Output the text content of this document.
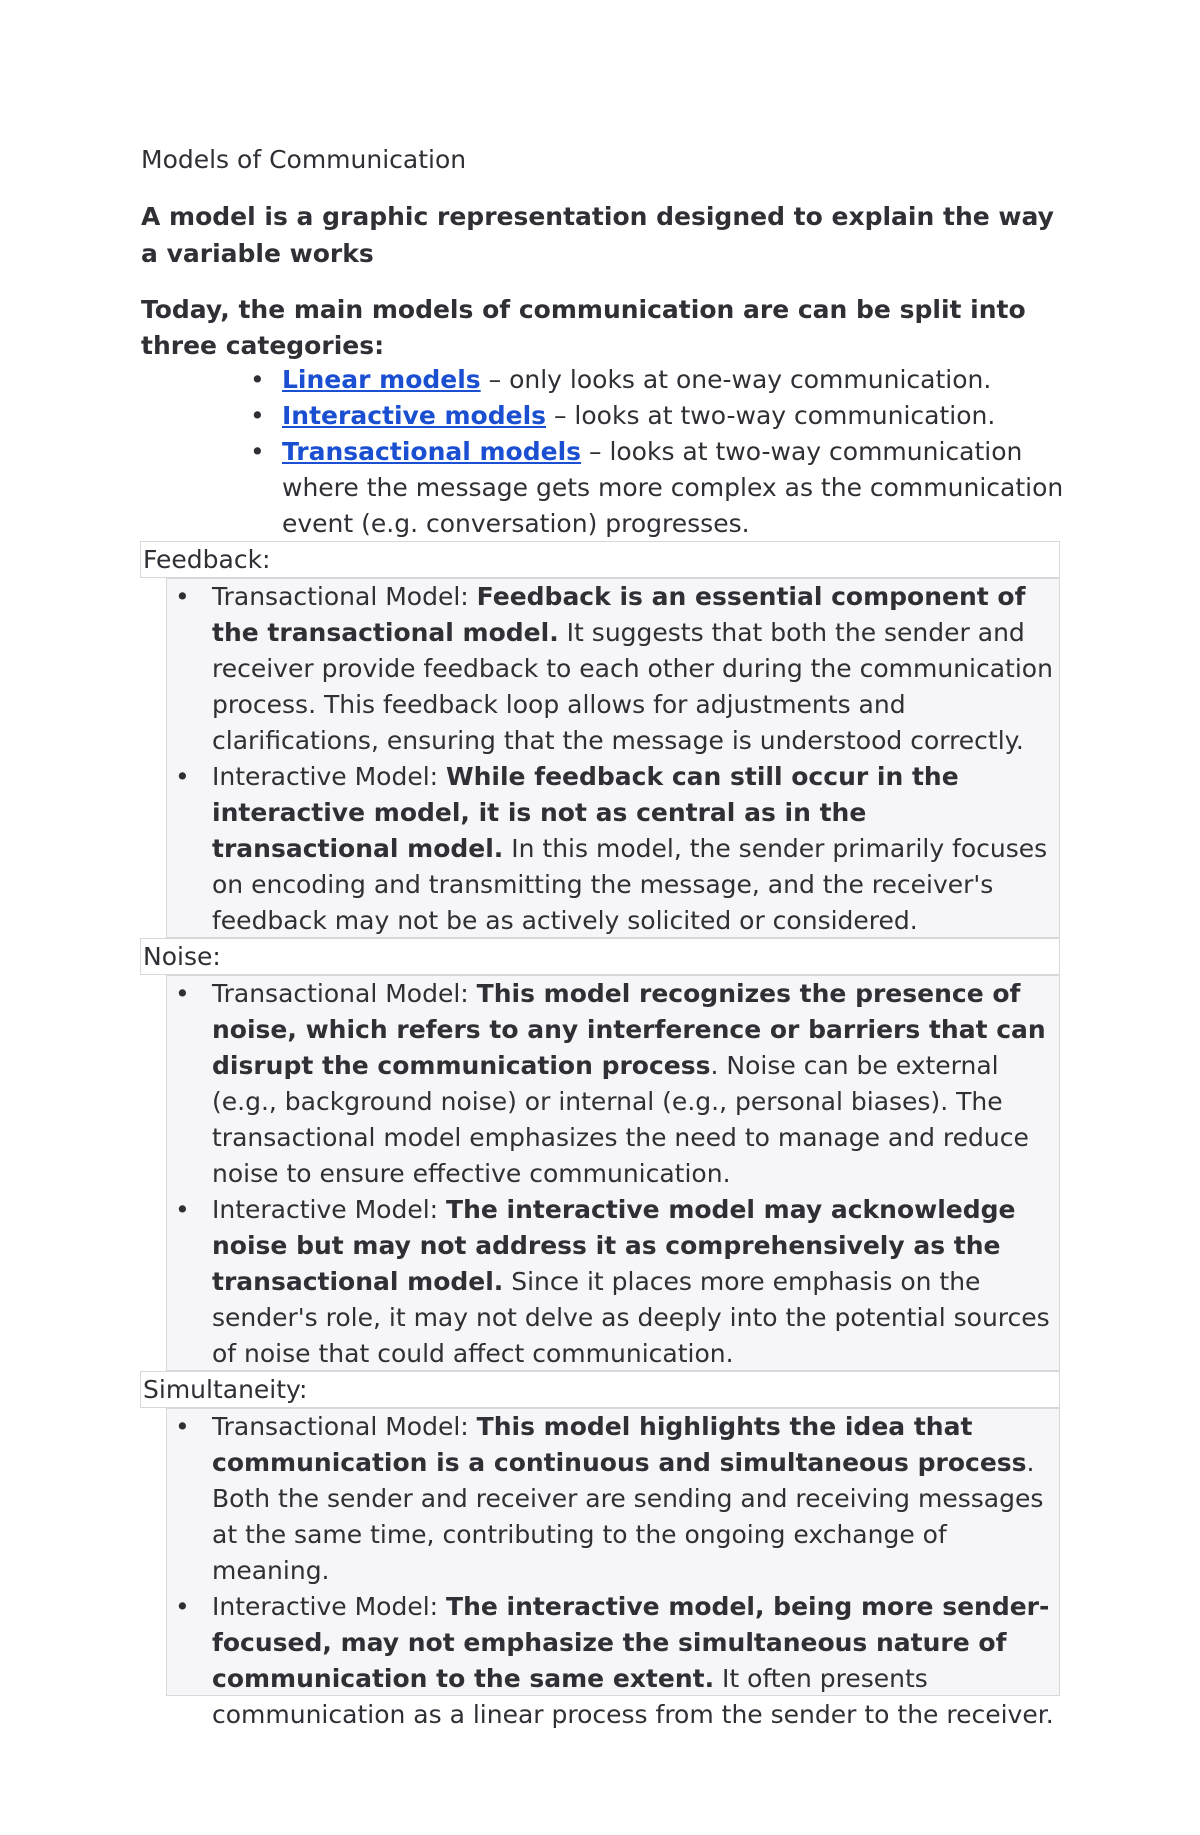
Models of Communication
A model is a graphic representation designed to explain the way a variable works
Today, the main models of communication are can be split into three categories:
• Linear models – only looks at one-way communication.
• Interactive models – looks at two-way communication.
• Transactional models – looks at two-way communication where the message gets more complex as the communication event (e.g. conversation) progresses.
Feedback:
• Transactional Model: Feedback is an essential component of the transactional model. It suggests that both the sender and receiver provide feedback to each other during the communication process. This feedback loop allows for adjustments and clarifications, ensuring that the message is understood correctly.
• Interactive Model: While feedback can still occur in the interactive model, it is not as central as in the transactional model. In this model, the sender primarily focuses on encoding and transmitting the message, and the receiver's feedback may not be as actively solicited or considered.
Noise:
• Transactional Model: This model recognizes the presence of noise, which refers to any interference or barriers that can disrupt the communication process. Noise can be external (e.g., background noise) or internal (e.g., personal biases). The transactional model emphasizes the need to manage and reduce noise to ensure effective communication.
• Interactive Model: The interactive model may acknowledge noise but may not address it as comprehensively as the transactional model. Since it places more emphasis on the sender's role, it may not delve as deeply into the potential sources of noise that could affect communication.
Simultaneity:
• Transactional Model: This model highlights the idea that communication is a continuous and simultaneous process. Both the sender and receiver are sending and receiving messages at the same time, contributing to the ongoing exchange of meaning.
• Interactive Model: The interactive model, being more sender-focused, may not emphasize the simultaneous nature of communication to the same extent. It often presents communication as a linear process from the sender to the receiver.
